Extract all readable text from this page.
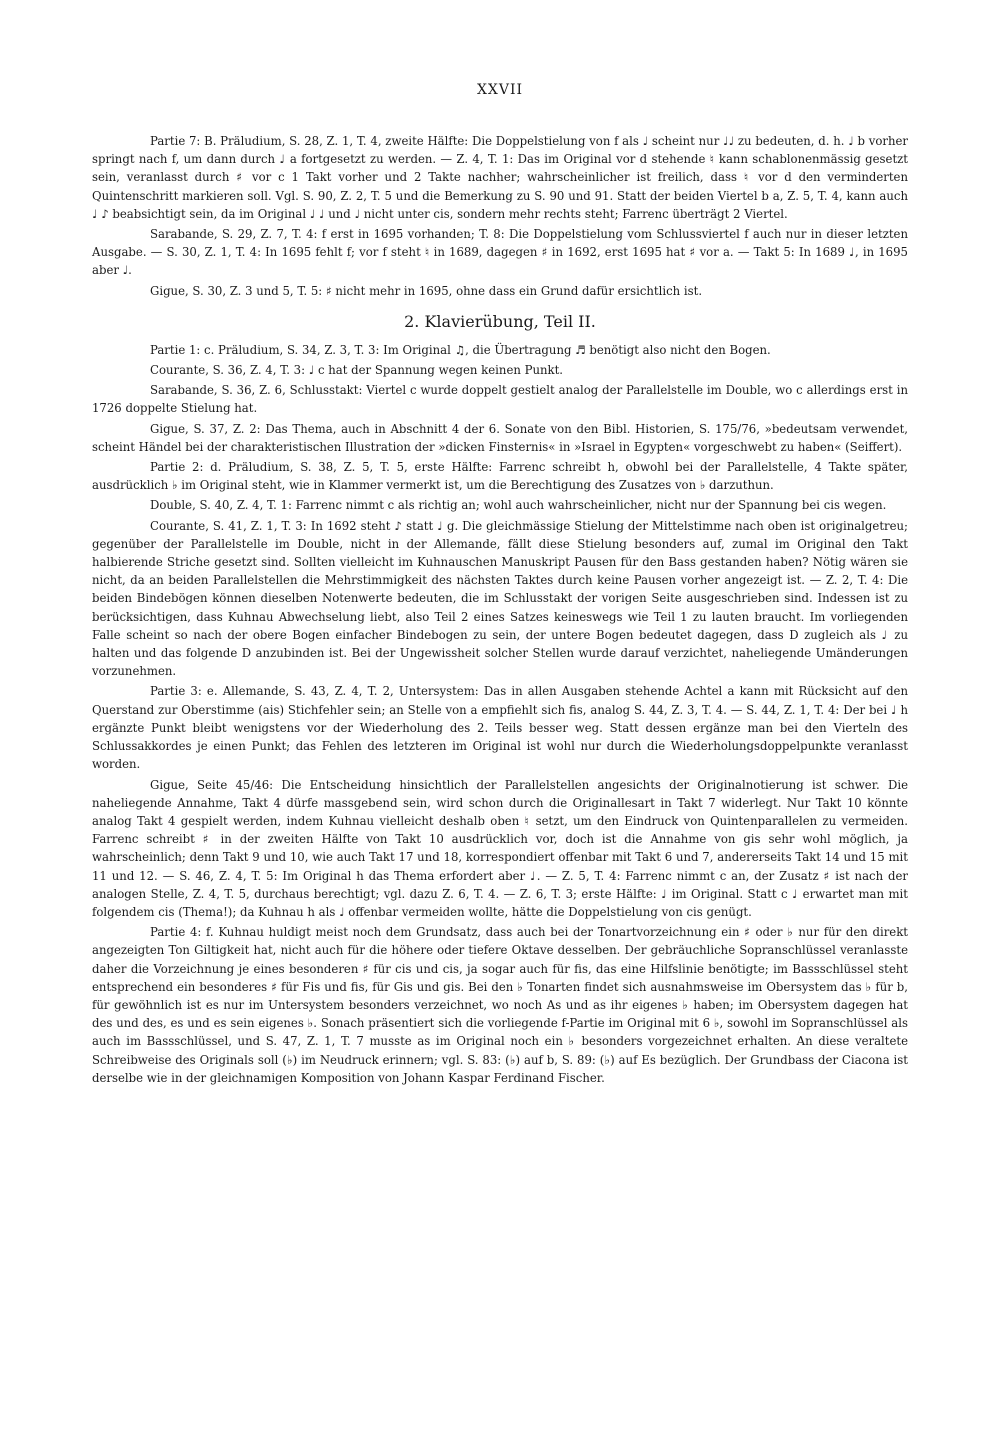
XXVII

Partie 7: B. Präludium, S. 28, Z. 1, T. 4, zweite Hälfte: Die Doppelstielung von f als ♩ scheint nur ♩♩ zu bedeuten, d. h. ♩ b vorher springt nach f, um dann durch ♩ a fortgesetzt zu werden. — Z. 4, T. 1: Das im Original vor d stehende ♮ kann schablonenmässig gesetzt sein, veranlasst durch ♯ vor c 1 Takt vorher und 2 Takte nachher; wahrscheinlicher ist freilich, dass ♮ vor d den verminderten Quintenschritt markieren soll. Vgl. S. 90, Z. 2, T. 5 und die Bemerkung zu S. 90 und 91. Statt der beiden Viertel b a, Z. 5, T. 4, kann auch ♩ ♪ beabsichtigt sein, da im Original ♩ ♩ und ♩ nicht unter cis, sondern mehr rechts steht; Farrenc überträgt 2 Viertel.

Sarabande, S. 29, Z. 7, T. 4: f erst in 1695 vorhanden; T. 8: Die Doppelstielung vom Schlussviertel f auch nur in dieser letzten Ausgabe. — S. 30, Z. 1, T. 4: In 1695 fehlt f; vor f steht ♮ in 1689, dagegen ♯ in 1692, erst 1695 hat ♯ vor a. — Takt 5: In 1689 ♩, in 1695 aber ♩.

Gigue, S. 30, Z. 3 und 5, T. 5: ♯ nicht mehr in 1695, ohne dass ein Grund dafür ersichtlich ist.

2. Klavierübung, Teil II.

Partie 1: c. Präludium, S. 34, Z. 3, T. 3: Im Original ♫, die Übertragung ♬ benötigt also nicht den Bogen.

Courante, S. 36, Z. 4, T. 3: ♩ c hat der Spannung wegen keinen Punkt.

Sarabande, S. 36, Z. 6, Schlusstakt: Viertel c wurde doppelt gestielt analog der Parallelstelle im Double, wo c allerdings erst in 1726 doppelte Stielung hat.

Gigue, S. 37, Z. 2: Das Thema, auch in Abschnitt 4 der 6. Sonate von den Bibl. Historien, S. 175/76, »bedeutsam verwendet, scheint Händel bei der charakteristischen Illustration der »dicken Finsternis« in »Israel in Egypten« vorgeschwebt zu haben« (Seiffert).

Partie 2: d. Präludium, S. 38, Z. 5, T. 5, erste Hälfte: Farrenc schreibt h, obwohl bei der Parallelstelle, 4 Takte später, ausdrücklich ♭ im Original steht, wie in Klammer vermerkt ist, um die Berechtigung des Zusatzes von ♭ darzuthun.

Double, S. 40, Z. 4, T. 1: Farrenc nimmt c als richtig an; wohl auch wahrscheinlicher, nicht nur der Spannung bei cis wegen.

Courante, S. 41, Z. 1, T. 3: In 1692 steht ♪ statt ♩ g. Die gleichmässige Stielung der Mittelstimme nach oben ist originalgetreu; gegenüber der Parallelstelle im Double, nicht in der Allemande, fällt diese Stielung besonders auf, zumal im Original den Takt halbierende Striche gesetzt sind. Sollten vielleicht im Kuhnauschen Manuskript Pausen für den Bass gestanden haben? Nötig wären sie nicht, da an beiden Parallelstellen die Mehrstimmigkeit des nächsten Taktes durch keine Pausen vorher angezeigt ist. — Z. 2, T. 4: Die beiden Bindebögen können dieselben Notenwerte bedeuten, die im Schlusstakt der vorigen Seite ausgeschrieben sind. Indessen ist zu berücksichtigen, dass Kuhnau Abwechselung liebt, also Teil 2 eines Satzes keineswegs wie Teil 1 zu lauten braucht. Im vorliegenden Falle scheint so nach der obere Bogen einfacher Bindebogen zu sein, der untere Bogen bedeutet dagegen, dass D zugleich als ♩ zu halten und das folgende D anzubinden ist. Bei der Ungewissheit solcher Stellen wurde darauf verzichtet, naheliegende Umänderungen vorzunehmen.

Partie 3: e. Allemande, S. 43, Z. 4, T. 2, Untersystem: Das in allen Ausgaben stehende Achtel a kann mit Rücksicht auf den Querstand zur Oberstimme (ais) Stichfehler sein; an Stelle von a empfiehlt sich fis, analog S. 44, Z. 3, T. 4. — S. 44, Z. 1, T. 4: Der bei ♩ h ergänzte Punkt bleibt wenigstens vor der Wiederholung des 2. Teils besser weg. Statt dessen ergänze man bei den Vierteln des Schlussakkordes je einen Punkt; das Fehlen des letzteren im Original ist wohl nur durch die Wiederholungsdoppelpunkte veranlasst worden.

Gigue, Seite 45/46: Die Entscheidung hinsichtlich der Parallelstellen angesichts der Originalnotierung ist schwer. Die naheliegende Annahme, Takt 4 dürfe massgebend sein, wird schon durch die Originallesart in Takt 7 widerlegt. Nur Takt 10 könnte analog Takt 4 gespielt werden, indem Kuhnau vielleicht deshalb oben ♮ setzt, um den Eindruck von Quintenparallelen zu vermeiden. Farrenc schreibt ♯ in der zweiten Hälfte von Takt 10 ausdrücklich vor, doch ist die Annahme von gis sehr wohl möglich, ja wahrscheinlich; denn Takt 9 und 10, wie auch Takt 17 und 18, korrespondiert offenbar mit Takt 6 und 7, andererseits Takt 14 und 15 mit 11 und 12. — S. 46, Z. 4, T. 5: Im Original h das Thema erfordert aber ♩. — Z. 5, T. 4: Farrenc nimmt c an, der Zusatz ♯ ist nach der analogen Stelle, Z. 4, T. 5, durchaus berechtigt; vgl. dazu Z. 6, T. 4. — Z. 6, T. 3; erste Hälfte: ♩ im Original. Statt c ♩ erwartet man mit folgendem cis (Thema!); da Kuhnau h als ♩ offenbar vermeiden wollte, hätte die Doppelstielung von cis genügt.

Partie 4: f. Kuhnau huldigt meist noch dem Grundsatz, dass auch bei der Tonartvorzeichnung ein ♯ oder ♭ nur für den direkt angezeigten Ton Giltigkeit hat, nicht auch für die höhere oder tiefere Oktave desselben. Der gebräuchliche Sopranschlüssel veranlasste daher die Vorzeichnung je eines besonderen ♯ für cis und cis, ja sogar auch für fis, das eine Hilfslinie benötigte; im Bassschlüssel steht entsprechend ein besonderes ♯ für Fis und fis, für Gis und gis. Bei den ♭ Tonarten findet sich ausnahmsweise im Obersystem das ♭ für b, für gewöhnlich ist es nur im Untersystem besonders verzeichnet, wo noch As und as ihr eigenes ♭ haben; im Obersystem dagegen hat des und des, es und es sein eigenes ♭. Sonach präsentiert sich die vorliegende f-Partie im Original mit 6 ♭, sowohl im Sopranschlüssel als auch im Bassschlüssel, und S. 47, Z. 1, T. 7 musste as im Original noch ein ♭ besonders vorgezeichnet erhalten. An diese veraltete Schreibweise des Originals soll (♭) im Neudruck erinnern; vgl. S. 83: (♭) auf b, S. 89: (♭) auf Es bezüglich. Der Grundbass der Ciacona ist derselbe wie in der gleichnamigen Komposition von Johann Kaspar Ferdinand Fischer.
